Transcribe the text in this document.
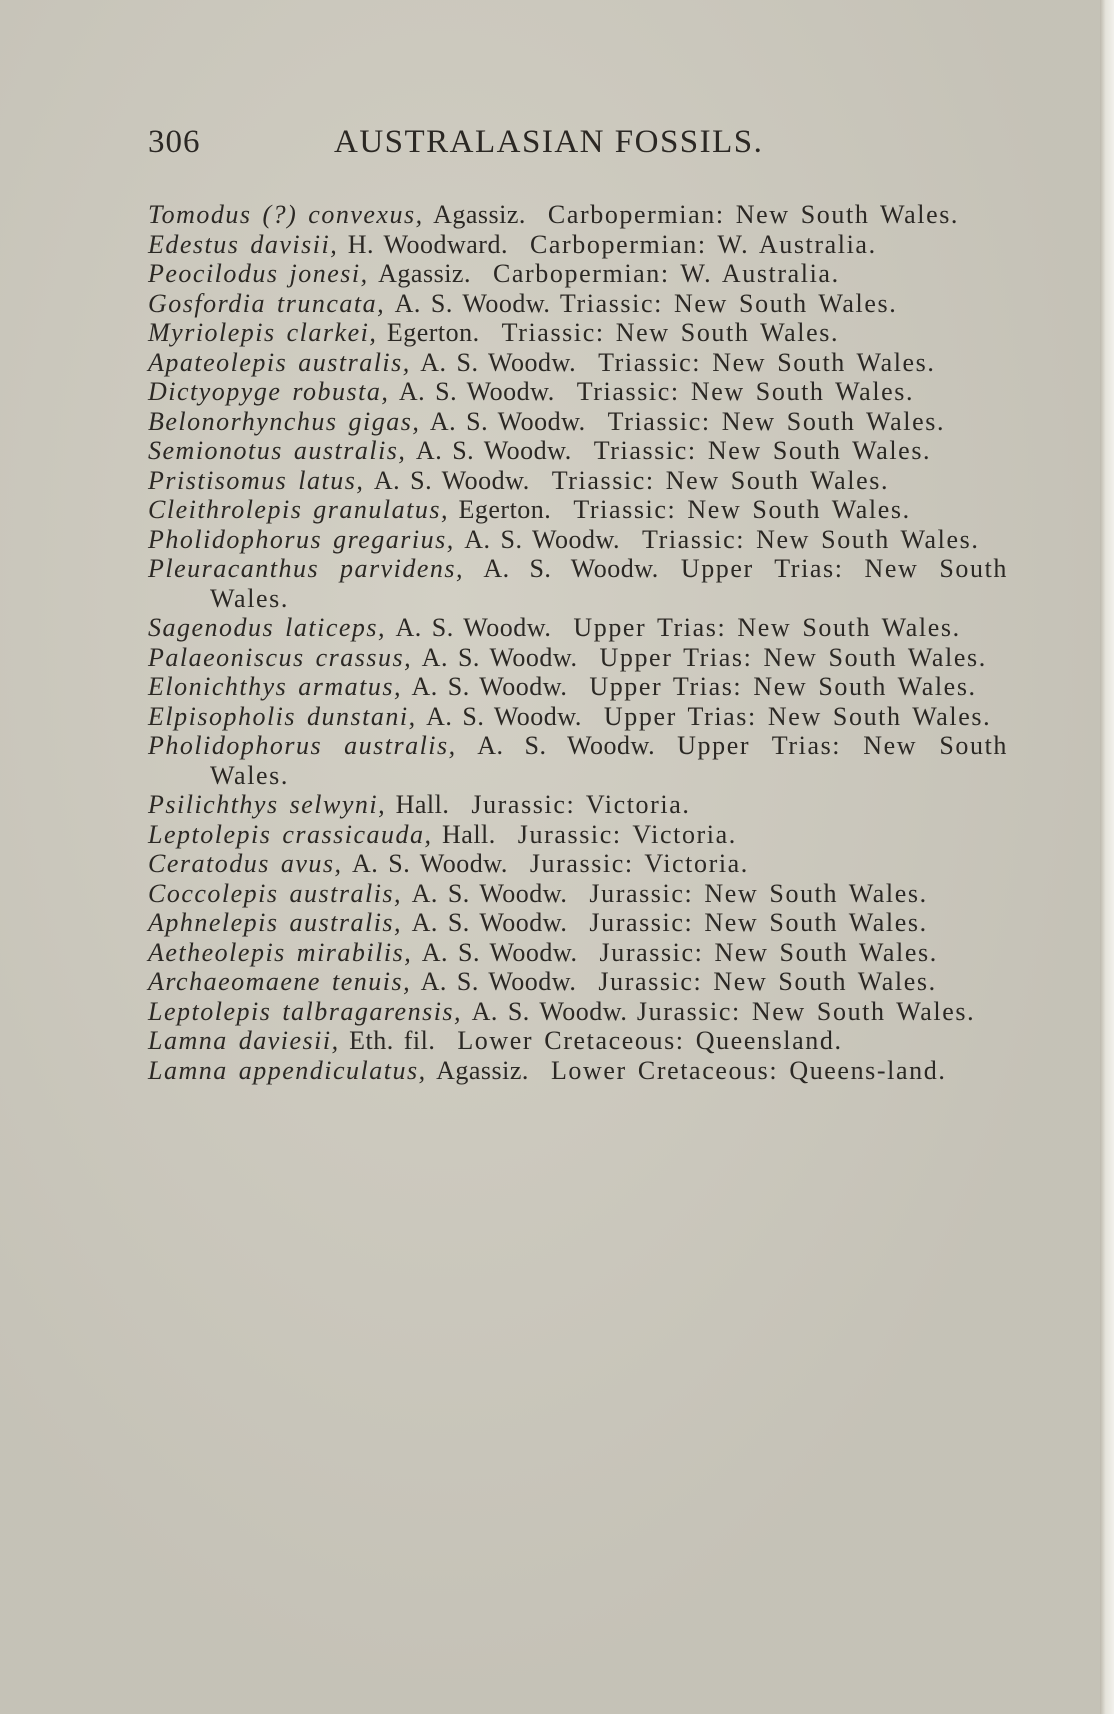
306	AUSTRALASIAN FOSSILS.

Tomodus (?) convexus, Agassiz. Carbopermian: New South Wales.

Edestus davisii, H. Woodward. Carbopermian: W. Australia.

Peocilodus jonesi, Agassiz. Carbopermian: W. Australia.

Gosfordia truncata, A. S. Woodw. Triassic: New South Wales.

Myriolepis clarkei, Egerton. Triassic: New South Wales.

Apateolepis australis, A. S. Woodw. Triassic: New South Wales.

Dictyopyge robusta, A. S. Woodw. Triassic: New South Wales.

Belonorhynchus gigas, A. S. Woodw. Triassic: New South Wales.

Semionotus australis, A. S. Woodw. Triassic: New South Wales.

Pristisomus latus, A. S. Woodw. Triassic: New South Wales.

Cleithrolepis granulatus, Egerton. Triassic: New South Wales.

Pholidophorus gregarius, A. S. Woodw. Triassic: New South Wales.

Pleuracanthus parvidens, A. S. Woodw. Upper Trias: New South Wales.

Sagenodus laticeps, A. S. Woodw. Upper Trias: New South Wales.

Palaeoniscus crassus, A. S. Woodw. Upper Trias: New South Wales.

Elonichthys armatus, A. S. Woodw. Upper Trias: New South Wales.

Elpisopholis dunstani, A. S. Woodw. Upper Trias: New South Wales.

Pholidophorus australis, A. S. Woodw. Upper Trias: New South Wales.

Psilichthys selwyni, Hall. Jurassic: Victoria.

Leptolepis crassicauda, Hall. Jurassic: Victoria.

Ceratodus avus, A. S. Woodw. Jurassic: Victoria.

Coccolepis australis, A. S. Woodw. Jurassic: New South Wales.

Aphnelepis australis, A. S. Woodw. Jurassic: New South Wales.

Aetheolepis mirabilis, A. S. Woodw. Jurassic: New South Wales.

Archaeomaene tenuis, A. S. Woodw. Jurassic: New South Wales.

Leptolepis talbragarensis, A. S. Woodw. Jurassic: New South Wales.

Lamna daviesii, Eth. fil. Lower Cretaceous: Queensland.

Lamna appendiculatus, Agassiz. Lower Cretaceous: Queens-land.
